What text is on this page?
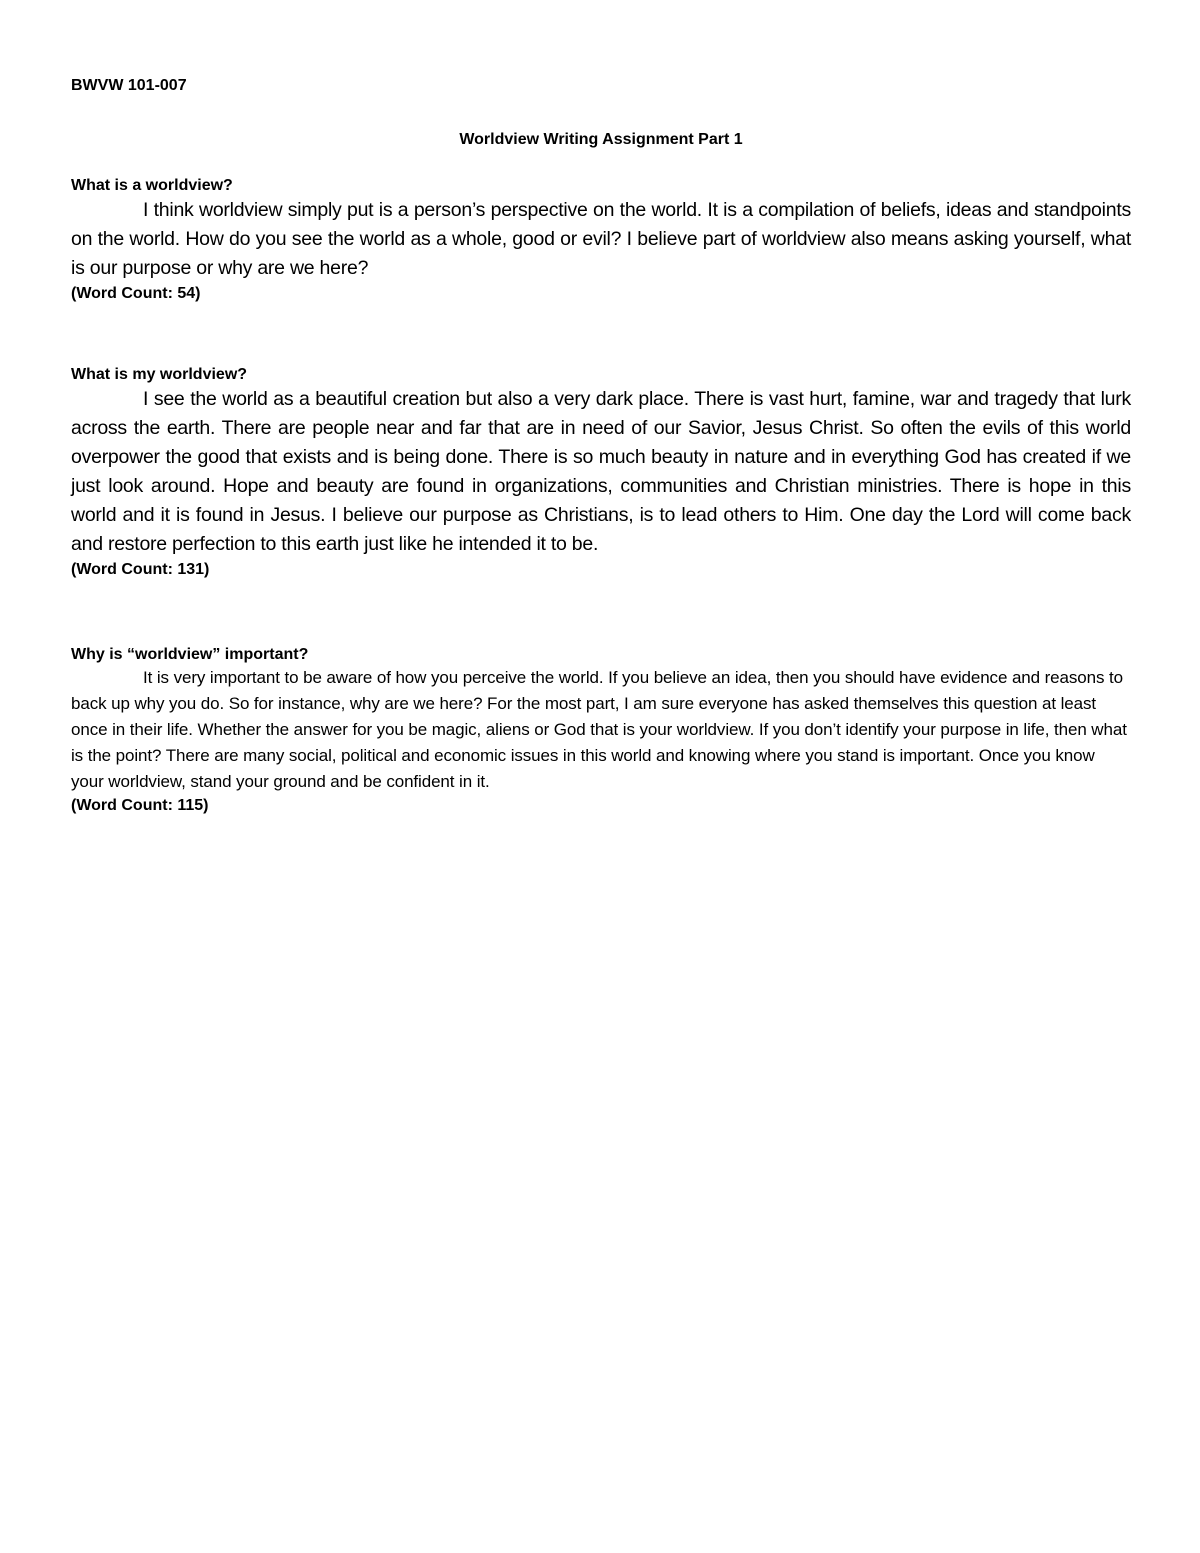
BWVW 101-007

Worldview Writing Assignment Part 1

What is a worldview?

I think worldview simply put is a person’s perspective on the world. It is a compilation of beliefs, ideas and standpoints on the world. How do you see the world as a whole, good or evil? I believe part of worldview also means asking yourself, what is our purpose or why are we here?

(Word Count: 54)

What is my worldview?

I see the world as a beautiful creation but also a very dark place. There is vast hurt, famine, war and tragedy that lurk across the earth. There are people near and far that are in need of our Savior, Jesus Christ. So often the evils of this world overpower the good that exists and is being done. There is so much beauty in nature and in everything God has created if we just look around. Hope and beauty are found in organizations, communities and Christian ministries. There is hope in this world and it is found in Jesus. I believe our purpose as Christians, is to lead others to Him. One day the Lord will come back and restore perfection to this earth just like he intended it to be.

(Word Count: 131)

Why is “worldview” important?

It is very important to be aware of how you perceive the world. If you believe an idea, then you should have evidence and reasons to back up why you do. So for instance, why are we here? For the most part, I am sure everyone has asked themselves this question at least once in their life. Whether the answer for you be magic, aliens or God that is your worldview. If you don’t identify your purpose in life, then what is the point? There are many social, political and economic issues in this world and knowing where you stand is important. Once you know your worldview, stand your ground and be confident in it.

(Word Count: 115)
